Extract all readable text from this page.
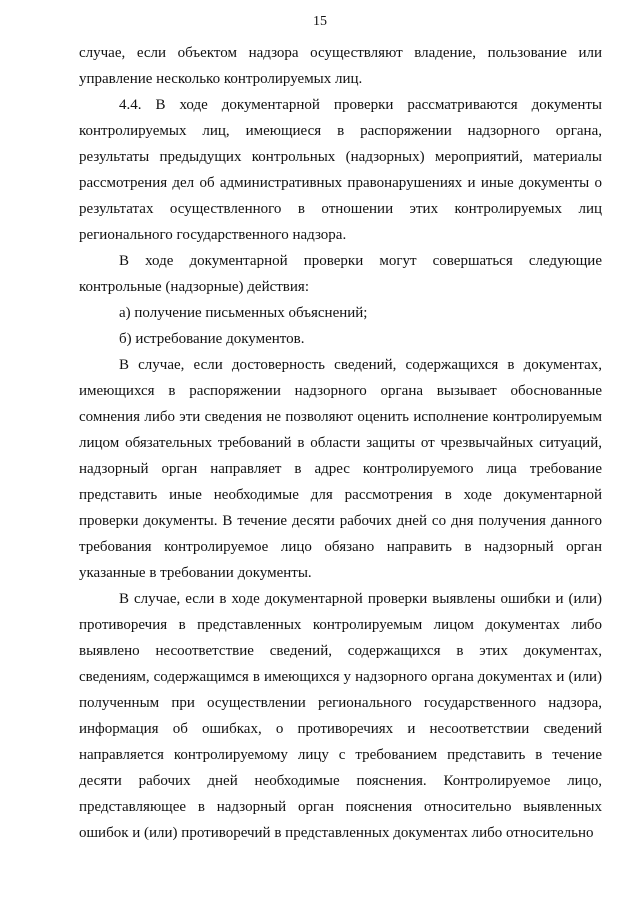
15

случае, если объектом надзора осуществляют владение, пользование или управление несколько контролируемых лиц.

4.4. В ходе документарной проверки рассматриваются документы контролируемых лиц, имеющиеся в распоряжении надзорного органа, результаты предыдущих контрольных (надзорных) мероприятий, материалы рассмотрения дел об административных правонарушениях и иные документы о результатах осуществленного в отношении этих контролируемых лиц регионального государственного надзора.

В ходе документарной проверки могут совершаться следующие контрольные (надзорные) действия:

а) получение письменных объяснений;

б) истребование документов.

В случае, если достоверность сведений, содержащихся в документах, имеющихся в распоряжении надзорного органа вызывает обоснованные сомнения либо эти сведения не позволяют оценить исполнение контролируемым лицом обязательных требований в области защиты от чрезвычайных ситуаций, надзорный орган направляет в адрес контролируемого лица требование представить иные необходимые для рассмотрения в ходе документарной проверки документы. В течение десяти рабочих дней со дня получения данного требования контролируемое лицо обязано направить в надзорный орган указанные в требовании документы.

В случае, если в ходе документарной проверки выявлены ошибки и (или) противоречия в представленных контролируемым лицом документах либо выявлено несоответствие сведений, содержащихся в этих документах, сведениям, содержащимся в имеющихся у надзорного органа документах и (или) полученным при осуществлении регионального государственного надзора, информация об ошибках, о противоречиях и несоответствии сведений направляется контролируемому лицу с требованием представить в течение десяти рабочих дней необходимые пояснения. Контролируемое лицо, представляющее в надзорный орган пояснения относительно выявленных ошибок и (или) противоречий в представленных документах либо относительно
